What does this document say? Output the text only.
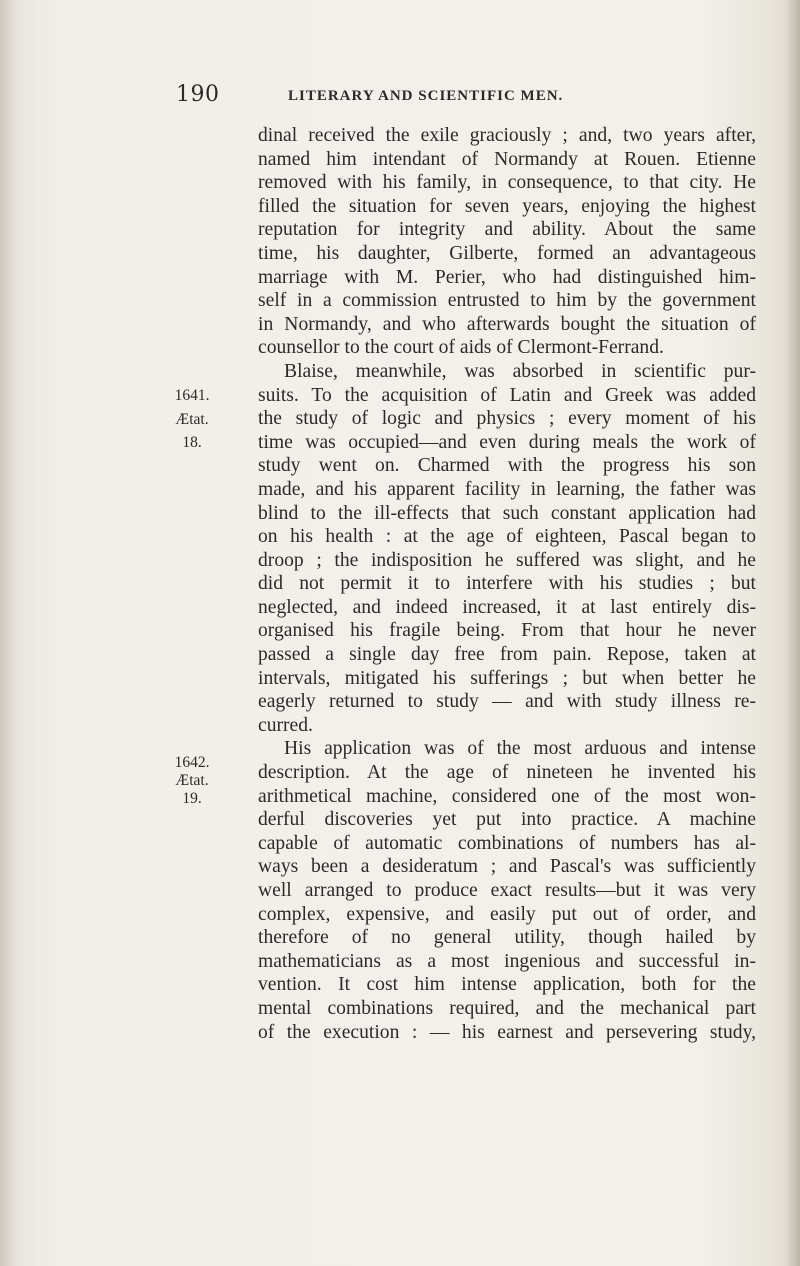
190	LITERARY AND SCIENTIFIC MEN.
1641.
Ætat.
18.
1642.
Ætat.
19.
dinal received the exile graciously ; and, two years after,
named him intendant of Normandy at Rouen. Etienne
removed with his family, in consequence, to that city. He
filled the situation for seven years, enjoying the highest
reputation for integrity and ability. About the same
time, his daughter, Gilberte, formed an advantageous
marriage with M. Perier, who had distinguished him-
self in a commission entrusted to him by the government
in Normandy, and who afterwards bought the situation of
counsellor to the court of aids of Clermont-Ferrand.
Blaise, meanwhile, was absorbed in scientific pur-
suits. To the acquisition of Latin and Greek was added
the study of logic and physics ; every moment of his
time was occupied—and even during meals the work of
study went on. Charmed with the progress his son
made, and his apparent facility in learning, the father was
blind to the ill-effects that such constant application had
on his health : at the age of eighteen, Pascal began to
droop ; the indisposition he suffered was slight, and he
did not permit it to interfere with his studies ; but
neglected, and indeed increased, it at last entirely dis-
organised his fragile being. From that hour he never
passed a single day free from pain. Repose, taken at
intervals, mitigated his sufferings ; but when better he
eagerly returned to study — and with study illness re-
curred.
His application was of the most arduous and intense
description. At the age of nineteen he invented his
arithmetical machine, considered one of the most won-
derful discoveries yet put into practice. A machine
capable of automatic combinations of numbers has al-
ways been a desideratum ; and Pascal's was sufficiently
well arranged to produce exact results—but it was very
complex, expensive, and easily put out of order, and
therefore of no general utility, though hailed by
mathematicians as a most ingenious and successful in-
vention. It cost him intense application, both for the
mental combinations required, and the mechanical part
of the execution : — his earnest and persevering study,
